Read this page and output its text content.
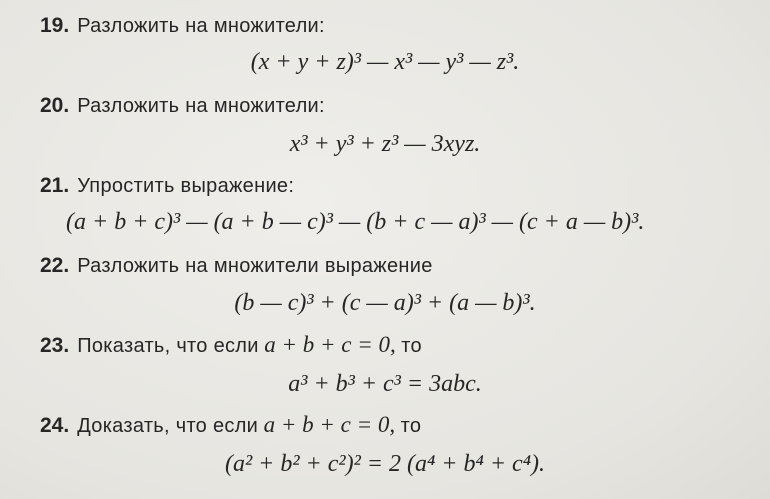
19. Разложить на множители:
(x + y + z)³ — x³ — y³ — z³.
20. Разложить на множители:
x³ + y³ + z³ — 3xyz.
21. Упростить выражение:
(a + b + c)³ — (a + b — c)³ — (b + c — a)³ — (c + a — b)³.
22. Разложить на множители выражение
(b — c)³ + (c — a)³ + (a — b)³.
23. Показать, что если a + b + c = 0, то
a³ + b³ + c³ = 3abc.
24. Доказать, что если a + b + c = 0, то
(a² + b² + c²)² = 2 (a⁴ + b⁴ + c⁴).
